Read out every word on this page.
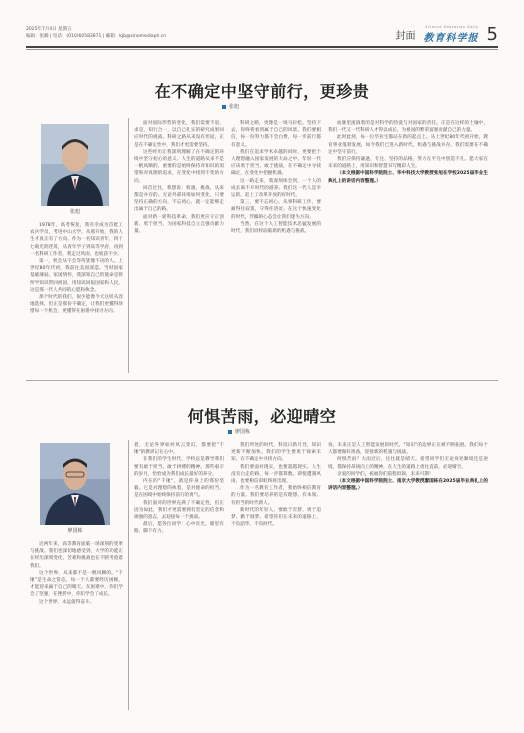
2025年7月4日 星期五
编辑：张卿 | 电话：(010)60583871 | 邮箱：kjb@sinomediaph.cn	封面
Science Education Daily
教育科学报 5
在不确定中坚守前行，更珍贵
张旭
张旭

1978年，高考恢复，我有幸成为首批工农兵学员，考进中山大学。从那开始，我的人生才真正有了方向。作为一名知识青年，四十七载光阴荏苒，从青年学子到高等学府，再到一名科研工作者，我走过风雨，也收获不少。

第一，机会从不会等待犹豫不决的人。上世纪80年代初，我前往美国深造。当时国家基础薄弱，家国情怀，我深知自己的使命是将所学知识带回祖国，用知识回报国家和人民，这是那一代人共同的心愿和执念。

那个时代的我们，很少能像今天这样从容地选择，但正是那份不确定，让我们更懂得珍惜每一个机会，更懂得在困难中找寻方向。

面对国际形势的变化，我们需要不退、求是、知行合一，以自己扎实的研究成果回应时代的挑战。科研之路从来没有坦途，正是在不确定性中，我们才更需要坚持。

这些经历让我深刻理解了在不确定的环境中坚守初心的意义。人生的道路从来不是一帆风顺的，重要的是始终保持对知识的渴望和对真理的追求，在变化中找到不变的方向。

回首过往，我想说：机遇、挑战，从来都是并存的。无论外部环境如何变化，只要坚持正确的方向，不忘初心，就一定能够走出属于自己的路。

面对新一轮科技革命，我们更应守正创新，勇于担当，为国家科技自立自强贡献力量。

科研之路，更像是一场马拉松。坚持下去，你终将看到属于自己的风景。我们要相信，每一份努力都不会白费，每一步前行都有意义。

我们在追求学术卓越的同时，更要把个人理想融入国家发展的大局之中。年轻一代应该勇于担当，敢于挑战，在不确定中寻找确定，在变化中把握机遇。

这一路走来，我深刻体会到，一个人的成长离不开时代的滋养。我们这一代人是幸运的，赶上了改革开放的好时代。

第三，要不忘初心。从事科研工作，要耐得住寂寞，守得住清贫。在这个快速变化的时代，浮躁的心态会让我们迷失方向。

当然，在这个人工智能技术迅猛发展的时代，我们同样面临新的机遇与挑战。

血脉里流淌着的是对科学的热爱与对国家的责任。正是在这样的土壤中，我们一代又一代科研人才得以成长，为祖国的繁荣富强贡献自己的力量。

此时此刻，每一位毕业生都站在新的起点上。从上世纪80年代初开始，教育事业蓬勃发展，如今我们已进入新时代，机遇与挑战并存。我们需要在不确定中坚守前行。

我们应保持谦逊、专注、坚持的品格，努力在平凡中创造不凡。愿大家在未来的道路上，用知识和智慧书写精彩人生。

（本文根据中国科学院院士、华中科技大学教授张旭在学校2025届毕业生典礼上的讲话内容整理。）

何惧苦雨，必迎晴空
廖国栋
廖国栋

近两年来，高等教育面临一场深刻的变革与挑战。我们也深切地感受到，大学的功能正在经历深刻变化，苦难和挑战也在不断考验着我们。

这个世界，从来都不是一帆风顺的。"千锤"是生命之常态，每一个人都要经历困顿，才能迎来属于自己的晴天。在困难中，你们学会了坚强，在挫折中，你们学会了成长。

这个世界，永远值得奋斗。

着，无论外界如何风云变幻，都要把"千锤"的教训记在心中。

在我们的学生时代，学校总是教导我们要有敢于担当、敢于拼搏的精神。那些艰辛的岁月，恰恰成为我们成长最好的养分。

内在的"千锤"，就是你身上的那份坚毅。它是对理想的执着，是对使命的担当，是在困境中始终保持前行的勇气。

我们面对的世界充满了不确定性，但正因为如此，我们才更需要拥有坚定的信念和顽强的意志，去迎接每一个挑战。

最后，愿各位同学：心中有光，眼里有路，脚下有力。

我们所处的时代，科技日新月异，知识更新不断加快。我们的学生要勇于探索未知，在不确定中寻找方向。

我们要面对现实，也要超越现实。人生没有白走的路，每一步都算数。即使遭遇风雨，也要相信彩虹终将出现。

作为一名教育工作者，我始终相信教育的力量。我们要培养的是有理想、有本领、有担当的时代新人。

新时代的年轻人，要敢于有梦、勇于追梦、勤于圆梦。希望你们在未来的道路上，不负韶华，不负时代。

说，未来正是人工智能发展的时代，"知识"的边界正在被不断拓展。我们每个人都要做好准备，迎接新的机遇与挑战。

何惧苦雨？大雨过后，往往就是晴天。希望同学们无论身处顺境还是逆境，都保持昂扬向上的精神，在人生的道路上勇往直前，必迎晴空。

亲爱的同学们，祝福你们前程似锦，未来可期！

（本文根据中国科学院院士、南京大学教授廖国栋在2025届毕业典礼上的讲话内容整理。）
